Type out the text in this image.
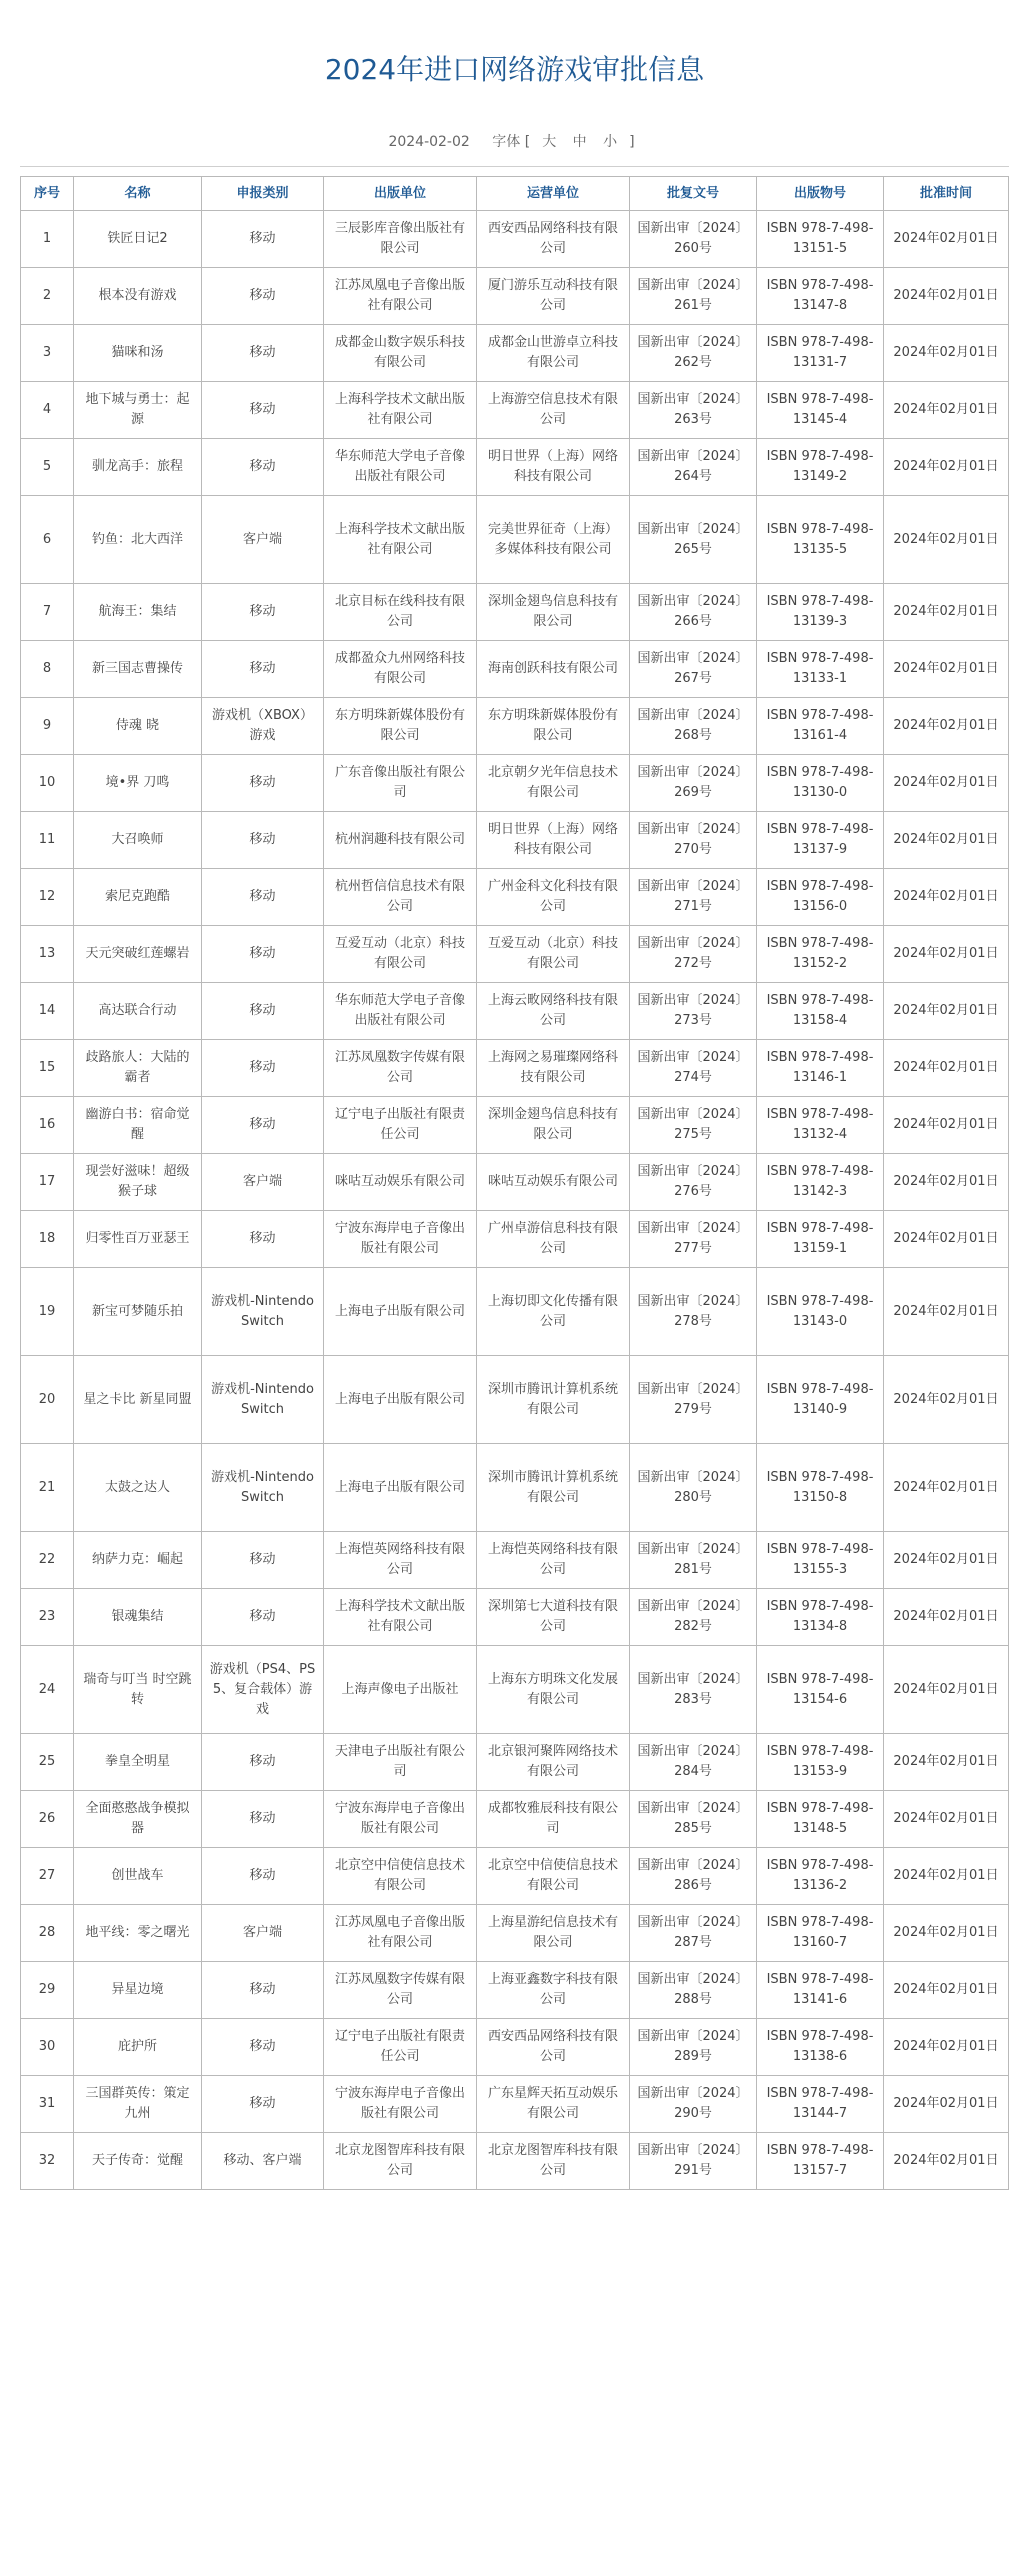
2024年进口网络游戏审批信息
2024-02-02 字体 [ 大 中 小 ]
序号	名称	申报类别	出版单位	运营单位	批复文号	出版物号	批准时间
1	铁匠日记2	移动	三辰影库音像出版社有限公司	西安西品网络科技有限公司	国新出审〔2024〕260号	ISBN 978-7-498-13151-5	2024年02月01日
2	根本没有游戏	移动	江苏凤凰电子音像出版社有限公司	厦门游乐互动科技有限公司	国新出审〔2024〕261号	ISBN 978-7-498-13147-8	2024年02月01日
3	猫咪和汤	移动	成都金山数字娱乐科技有限公司	成都金山世游卓立科技有限公司	国新出审〔2024〕262号	ISBN 978-7-498-13131-7	2024年02月01日
4	地下城与勇士：起源	移动	上海科学技术文献出版社有限公司	上海游空信息技术有限公司	国新出审〔2024〕263号	ISBN 978-7-498-13145-4	2024年02月01日
5	驯龙高手：旅程	移动	华东师范大学电子音像出版社有限公司	明日世界（上海）网络科技有限公司	国新出审〔2024〕264号	ISBN 978-7-498-13149-2	2024年02月01日
6	钓鱼：北大西洋	客户端	上海科学技术文献出版社有限公司	完美世界征奇（上海）多媒体科技有限公司	国新出审〔2024〕265号	ISBN 978-7-498-13135-5	2024年02月01日
7	航海王：集结	移动	北京目标在线科技有限公司	深圳金翅鸟信息科技有限公司	国新出审〔2024〕266号	ISBN 978-7-498-13139-3	2024年02月01日
8	新三国志曹操传	移动	成都盈众九州网络科技有限公司	海南创跃科技有限公司	国新出审〔2024〕267号	ISBN 978-7-498-13133-1	2024年02月01日
9	侍魂 晓	游戏机（XBOX）游戏	东方明珠新媒体股份有限公司	东方明珠新媒体股份有限公司	国新出审〔2024〕268号	ISBN 978-7-498-13161-4	2024年02月01日
10	境•界 刀鸣	移动	广东音像出版社有限公司	北京朝夕光年信息技术有限公司	国新出审〔2024〕269号	ISBN 978-7-498-13130-0	2024年02月01日
11	大召唤师	移动	杭州润趣科技有限公司	明日世界（上海）网络科技有限公司	国新出审〔2024〕270号	ISBN 978-7-498-13137-9	2024年02月01日
12	索尼克跑酷	移动	杭州哲信信息技术有限公司	广州金科文化科技有限公司	国新出审〔2024〕271号	ISBN 978-7-498-13156-0	2024年02月01日
13	天元突破红莲螺岩	移动	互爱互动（北京）科技有限公司	互爱互动（北京）科技有限公司	国新出审〔2024〕272号	ISBN 978-7-498-13152-2	2024年02月01日
14	高达联合行动	移动	华东师范大学电子音像出版社有限公司	上海云畋网络科技有限公司	国新出审〔2024〕273号	ISBN 978-7-498-13158-4	2024年02月01日
15	歧路旅人：大陆的霸者	移动	江苏凤凰数字传媒有限公司	上海网之易璀璨网络科技有限公司	国新出审〔2024〕274号	ISBN 978-7-498-13146-1	2024年02月01日
16	幽游白书：宿命觉醒	移动	辽宁电子出版社有限责任公司	深圳金翅鸟信息科技有限公司	国新出审〔2024〕275号	ISBN 978-7-498-13132-4	2024年02月01日
17	现尝好滋味！超级猴子球	客户端	咪咕互动娱乐有限公司	咪咕互动娱乐有限公司	国新出审〔2024〕276号	ISBN 978-7-498-13142-3	2024年02月01日
18	归零性百万亚瑟王	移动	宁波东海岸电子音像出版社有限公司	广州卓游信息科技有限公司	国新出审〔2024〕277号	ISBN 978-7-498-13159-1	2024年02月01日
19	新宝可梦随乐拍	游戏机-Nintendo Switch	上海电子出版有限公司	上海切即文化传播有限公司	国新出审〔2024〕278号	ISBN 978-7-498-13143-0	2024年02月01日
20	星之卡比 新星同盟	游戏机-Nintendo Switch	上海电子出版有限公司	深圳市腾讯计算机系统有限公司	国新出审〔2024〕279号	ISBN 978-7-498-13140-9	2024年02月01日
21	太鼓之达人	游戏机-Nintendo Switch	上海电子出版有限公司	深圳市腾讯计算机系统有限公司	国新出审〔2024〕280号	ISBN 978-7-498-13150-8	2024年02月01日
22	纳萨力克：崛起	移动	上海恺英网络科技有限公司	上海恺英网络科技有限公司	国新出审〔2024〕281号	ISBN 978-7-498-13155-3	2024年02月01日
23	银魂集结	移动	上海科学技术文献出版社有限公司	深圳第七大道科技有限公司	国新出审〔2024〕282号	ISBN 978-7-498-13134-8	2024年02月01日
24	瑞奇与叮当 时空跳转	游戏机（PS4、PS5、复合载体）游戏	上海声像电子出版社	上海东方明珠文化发展有限公司	国新出审〔2024〕283号	ISBN 978-7-498-13154-6	2024年02月01日
25	拳皇全明星	移动	天津电子出版社有限公司	北京银河聚阵网络技术有限公司	国新出审〔2024〕284号	ISBN 978-7-498-13153-9	2024年02月01日
26	全面憨憨战争模拟器	移动	宁波东海岸电子音像出版社有限公司	成都牧雅辰科技有限公司	国新出审〔2024〕285号	ISBN 978-7-498-13148-5	2024年02月01日
27	创世战车	移动	北京空中信使信息技术有限公司	北京空中信使信息技术有限公司	国新出审〔2024〕286号	ISBN 978-7-498-13136-2	2024年02月01日
28	地平线：零之曙光	客户端	江苏凤凰电子音像出版社有限公司	上海星游纪信息技术有限公司	国新出审〔2024〕287号	ISBN 978-7-498-13160-7	2024年02月01日
29	异星边境	移动	江苏凤凰数字传媒有限公司	上海亚鑫数字科技有限公司	国新出审〔2024〕288号	ISBN 978-7-498-13141-6	2024年02月01日
30	庇护所	移动	辽宁电子出版社有限责任公司	西安西品网络科技有限公司	国新出审〔2024〕289号	ISBN 978-7-498-13138-6	2024年02月01日
31	三国群英传：策定九州	移动	宁波东海岸电子音像出版社有限公司	广东星辉天拓互动娱乐有限公司	国新出审〔2024〕290号	ISBN 978-7-498-13144-7	2024年02月01日
32	天子传奇：觉醒	移动、客户端	北京龙图智库科技有限公司	北京龙图智库科技有限公司	国新出审〔2024〕291号	ISBN 978-7-498-13157-7	2024年02月01日
